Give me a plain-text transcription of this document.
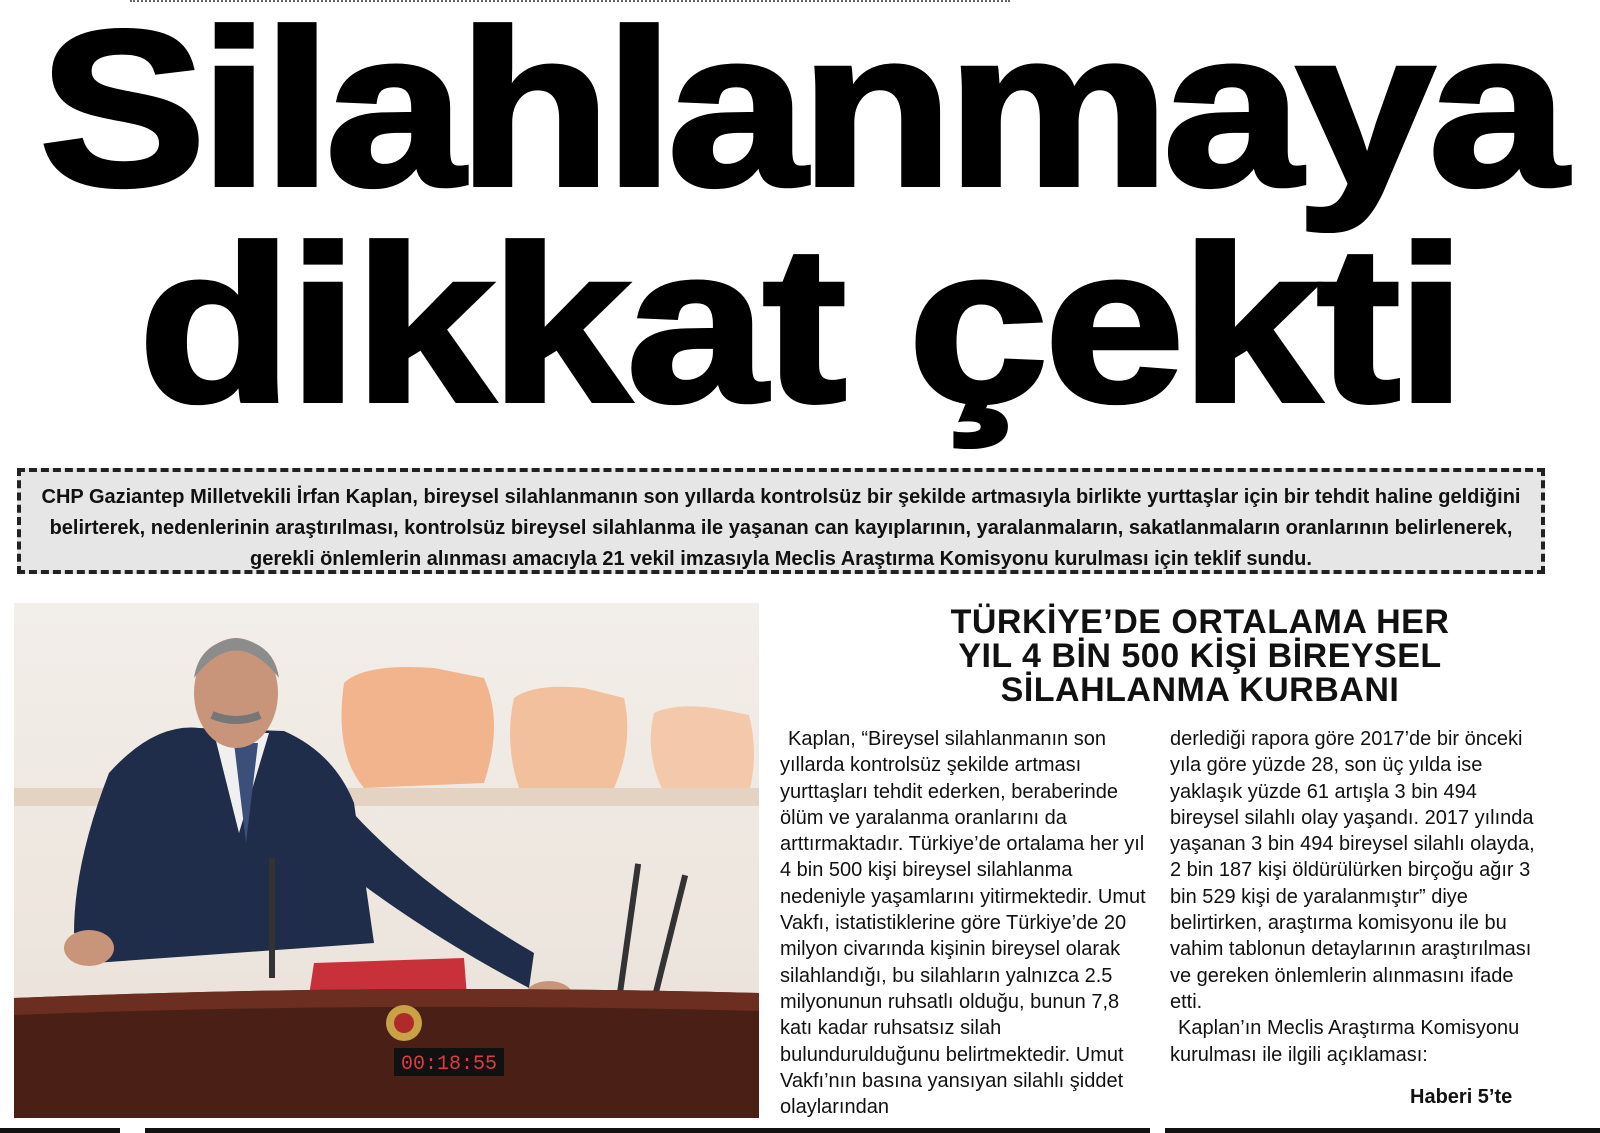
Silahlanmaya
dikkat çekti
CHP Gaziantep Milletvekili İrfan Kaplan, bireysel silahlanmanın son yıllarda kontrolsüz bir şekilde artmasıyla birlikte yurttaşlar için bir tehdit haline geldiğini belirterek, nedenlerinin araştırılması, kontrolsüz bireysel silahlanma ile yaşanan can kayıplarının, yaralanmaların, sakatlanmaların oranlarının belirlenerek, gerekli önlemlerin alınması amacıyla 21 vekil imzasıyla Meclis Araştırma Komisyonu kurulması için teklif sundu.
00:18:55
TÜRKİYE’DE ORTALAMA HER
YIL 4 BİN 500 KİŞİ BİREYSEL
SİLAHLANMA KURBANI

Kaplan, “Bireysel silahlanmanın son yıllarda kontrolsüz şekilde artması yurttaşları tehdit ederken, beraberinde ölüm ve yaralanma oranlarını da arttırmaktadır. Türkiye’de ortalama her yıl 4 bin 500 kişi bireysel silahlanma nedeniyle yaşamlarını yitirmektedir. Umut Vakfı, istatistiklerine göre Türkiye’de 20 milyon civarında kişinin bireysel olarak silahlandığı, bu silahların yalnızca 2.5 milyonunun ruhsatlı olduğu, bunun 7,8 katı kadar ruhsatsız silah bulundurulduğunu belirtmektedir. Umut Vakfı’nın basına yansıyan silahlı şiddet olaylarından

derlediği rapora göre 2017’de bir önceki yıla göre yüzde 28, son üç yılda ise yaklaşık yüzde 61 artışla 3 bin 494 bireysel silahlı olay yaşandı. 2017 yılında yaşanan 3 bin 494 bireysel silahlı olayda, 2 bin 187 kişi öldürülürken birçoğu ağır 3 bin 529 kişi de yaralanmıştır” diye belirtirken, araştırma komisyonu ile bu vahim tablonun detaylarının araştırılması ve gereken önlemlerin alınmasını ifade etti.

Kaplan’ın Meclis Araştırma Komisyonu kurulması ile ilgili açıklaması:

Haberi 5’te
